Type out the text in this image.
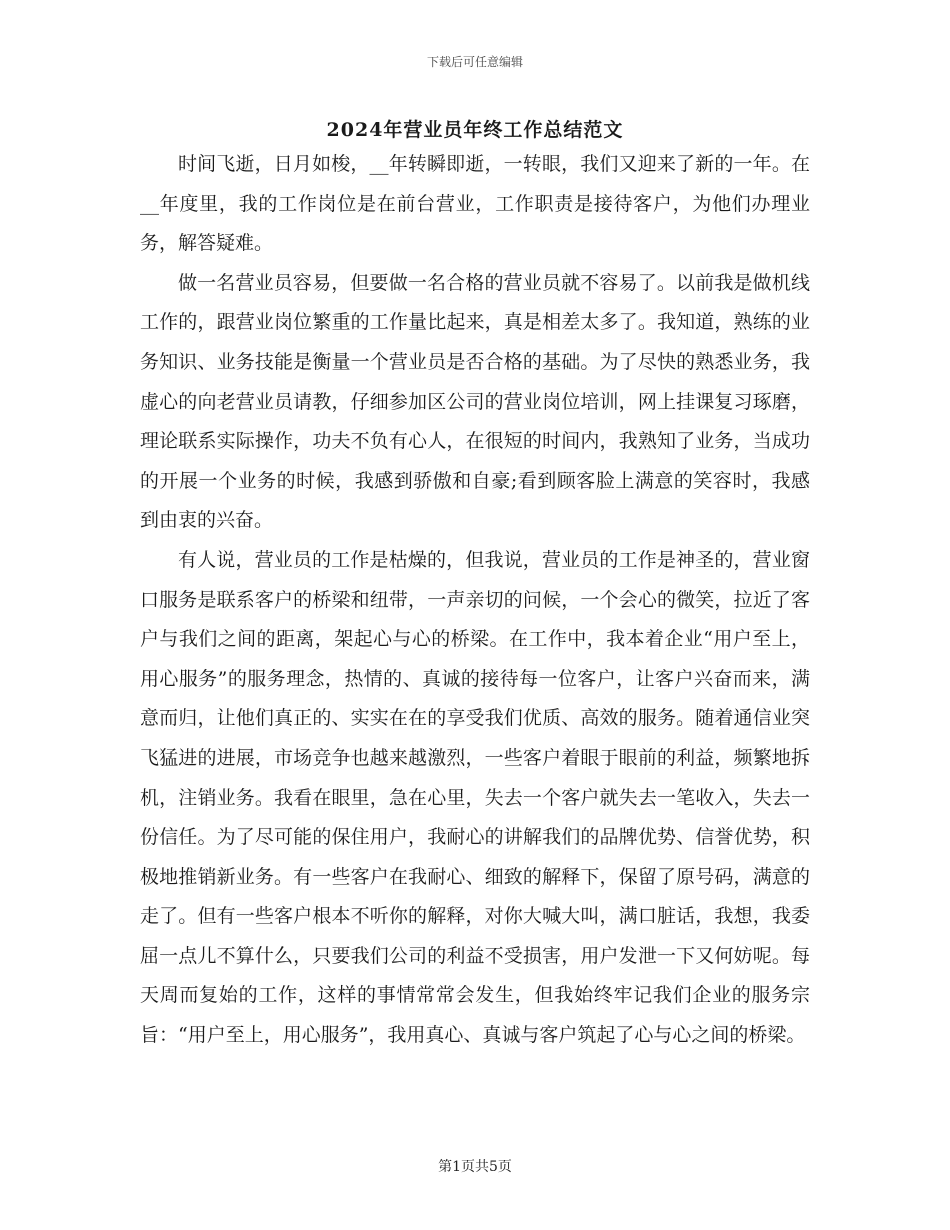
下载后可任意编辑
2024年营业员年终工作总结范文

时间飞逝，日月如梭，__年转瞬即逝，一转眼，我们又迎来了新的一年。在__年度里，我的工作岗位是在前台营业，工作职责是接待客户，为他们办理业务，解答疑难。

做一名营业员容易，但要做一名合格的营业员就不容易了。以前我是做机线工作的，跟营业岗位繁重的工作量比起来，真是相差太多了。我知道，熟练的业务知识、业务技能是衡量一个营业员是否合格的基础。为了尽快的熟悉业务，我虚心的向老营业员请教，仔细参加区公司的营业岗位培训，网上挂课复习琢磨，理论联系实际操作，功夫不负有心人，在很短的时间内，我熟知了业务，当成功的开展一个业务的时候，我感到骄傲和自豪;看到顾客脸上满意的笑容时，我感到由衷的兴奋。

有人说，营业员的工作是枯燥的，但我说，营业员的工作是神圣的，营业窗口服务是联系客户的桥梁和纽带，一声亲切的问候，一个会心的微笑，拉近了客户与我们之间的距离，架起心与心的桥梁。在工作中，我本着企业“用户至上，用心服务”的服务理念，热情的、真诚的接待每一位客户，让客户兴奋而来，满意而归，让他们真正的、实实在在的享受我们优质、高效的服务。随着通信业突飞猛进的进展，市场竞争也越来越激烈，一些客户着眼于眼前的利益，频繁地拆机，注销业务。我看在眼里，急在心里，失去一个客户就失去一笔收入，失去一份信任。为了尽可能的保住用户，我耐心的讲解我们的品牌优势、信誉优势，积极地推销新业务。有一些客户在我耐心、细致的解释下，保留了原号码，满意的走了。但有一些客户根本不听你的解释，对你大喊大叫，满口脏话，我想，我委屈一点儿不算什么，只要我们公司的利益不受损害，用户发泄一下又何妨呢。每天周而复始的工作，这样的事情常常会发生，但我始终牢记我们企业的服务宗旨：“用户至上，用心服务”，我用真心、真诚与客户筑起了心与心之间的桥梁。

第1页共5页
